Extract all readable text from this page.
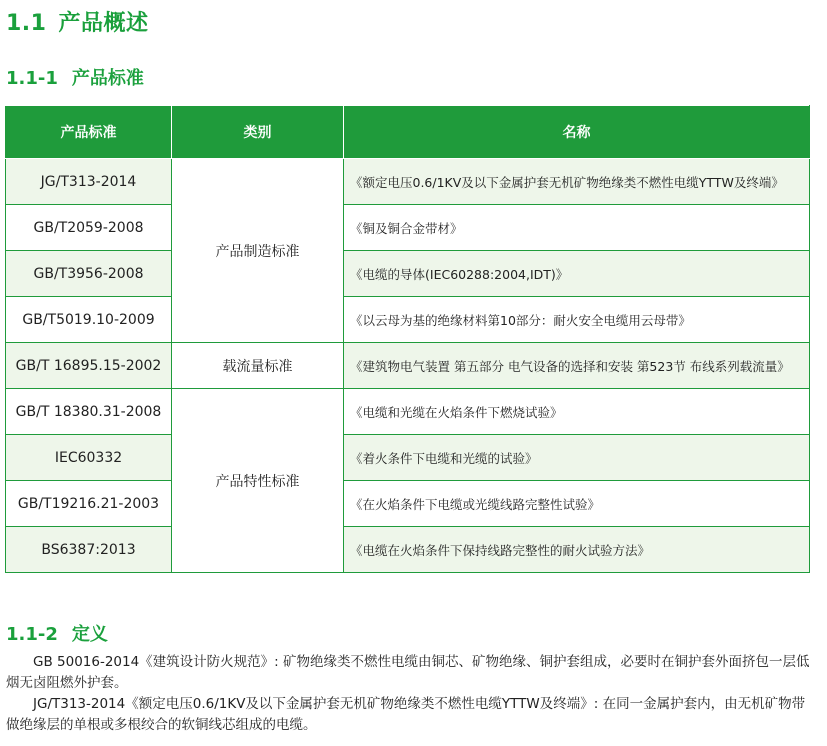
1.1 产品概述
1.1-1 产品标准
产品标准	类别	名称
JG/T313-2014	产品制造标准	《额定电压0.6/1KV及以下金属护套无机矿物绝缘类不燃性电缆YTTW及终端》
GB/T2059-2008		《铜及铜合金带材》
GB/T3956-2008		《电缆的导体(IEC60288:2004,IDT)》
GB/T5019.10-2009		《以云母为基的绝缘材料第10部分：耐火安全电缆用云母带》
GB/T 16895.15-2002	载流量标准	《建筑物电气装置 第五部分 电气设备的选择和安装 第523节 布线系列载流量》
GB/T 18380.31-2008	产品特性标准	《电缆和光缆在火焰条件下燃烧试验》
IEC60332		《着火条件下电缆和光缆的试验》
GB/T19216.21-2003		《在火焰条件下电缆或光缆线路完整性试验》
BS6387:2013		《电缆在火焰条件下保持线路完整性的耐火试验方法》
1.1-2 定义

GB 50016-2014《建筑设计防火规范》: 矿物绝缘类不燃性电缆由铜芯、矿物绝缘、铜护套组成，必要时在铜护套外面挤包一层低烟无卤阻燃外护套。

JG/T313-2014《额定电压0.6/1KV及以下金属护套无机矿物绝缘类不燃性电缆YTTW及终端》: 在同一金属护套内，由无机矿物带做绝缘层的单根或多根绞合的软铜线芯组成的电缆。
